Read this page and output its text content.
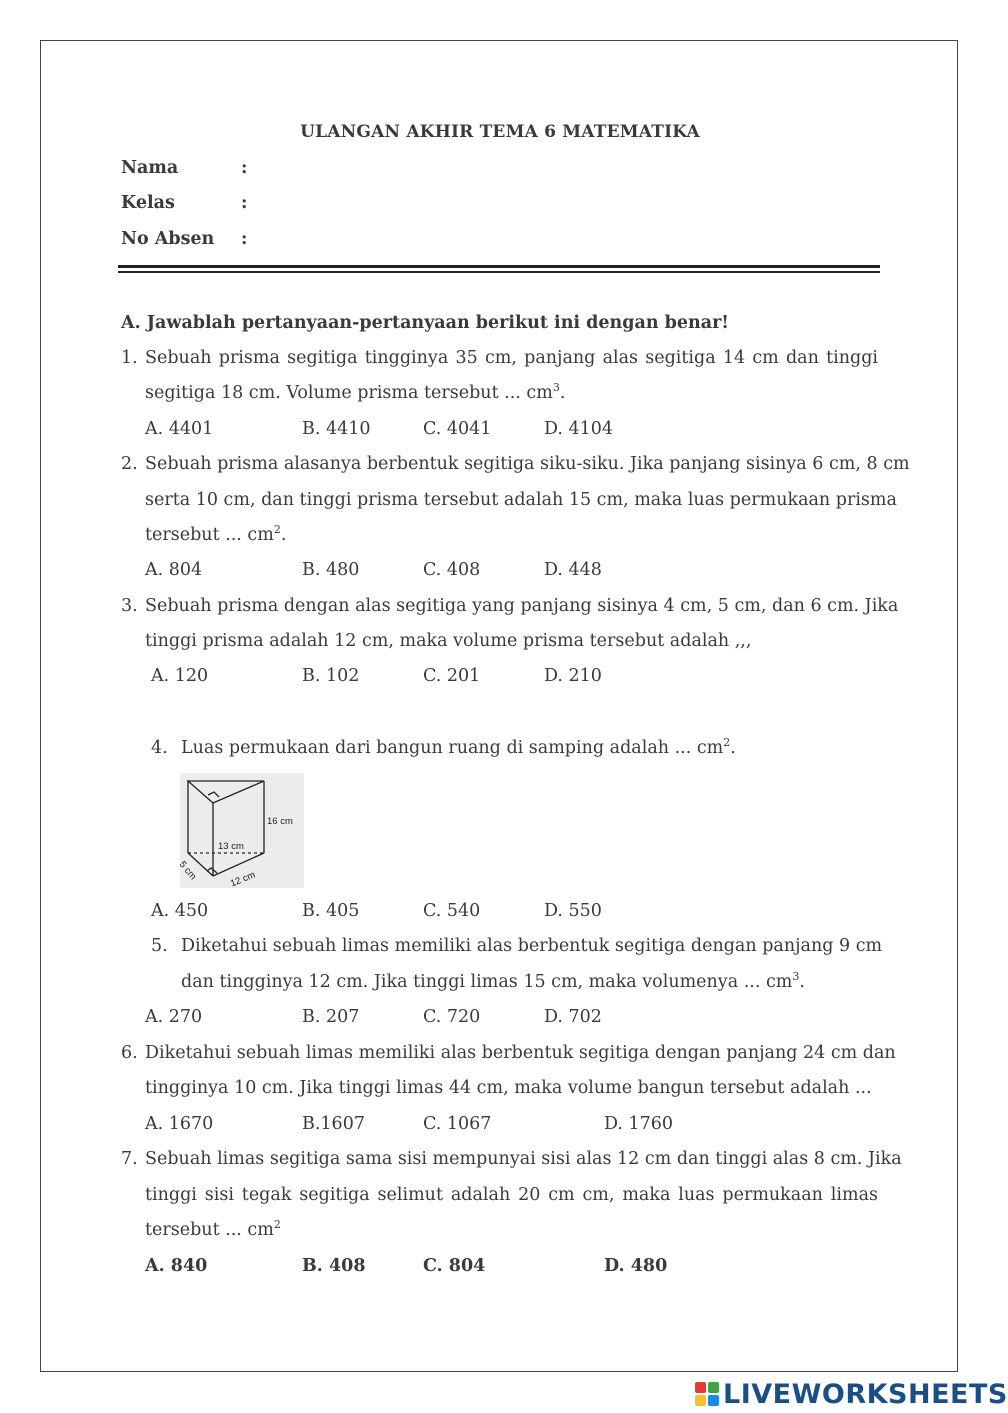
ULANGAN AKHIR TEMA 6 MATEMATIKA
Nama	:
Kelas	:
No Absen :
A. Jawablah pertanyaan-pertanyaan berikut ini dengan benar!
1. Sebuah prisma segitiga tingginya 35 cm, panjang alas segitiga 14 cm dan tinggi
segitiga 18 cm. Volume prisma tersebut ... $cm^3$.
A. 4401	B. 4410	C. 4041	D. 4104
2. Sebuah prisma alasanya berbentuk segitiga siku-siku. Jika panjang sisinya 6 cm, 8 cm
serta 10 cm, dan tinggi prisma tersebut adalah 15 cm, maka luas permukaan prisma
tersebut ... $cm^2$.
A. 804	B. 480	C. 408	D. 448
3. Sebuah prisma dengan alas segitiga yang panjang sisinya 4 cm, 5 cm, dan 6 cm. Jika
tinggi prisma adalah 12 cm, maka volume prisma tersebut adalah ,,,
A. 120	B. 102	C. 201	D. 210
4. Luas permukaan dari bangun ruang di samping adalah ... $cm^2$.
16 cm
13 cm
5 cm	12 cm
A. 450	B. 405	C. 540	D. 550
5. Diketahui sebuah limas memiliki alas berbentuk segitiga dengan panjang 9 cm
dan tingginya 12 cm. Jika tinggi limas 15 cm, maka volumenya ... $cm^3$.
A. 270	B. 207	C. 720	D. 702
6. Diketahui sebuah limas memiliki alas berbentuk segitiga dengan panjang 24 cm dan
tingginya 10 cm. Jika tinggi limas 44 cm, maka volume bangun tersebut adalah ...
A. 1670	B.1607	C. 1067	D. 1760
7. Sebuah limas segitiga sama sisi mempunyai sisi alas 12 cm dan tinggi alas 8 cm. Jika
tinggi sisi tegak segitiga selimut adalah 20 cm cm, maka luas permukaan limas
tersebut ... $cm^2$
A. 840	B. 408	C. 804	D. 480
LIVEWORKSHEETS
